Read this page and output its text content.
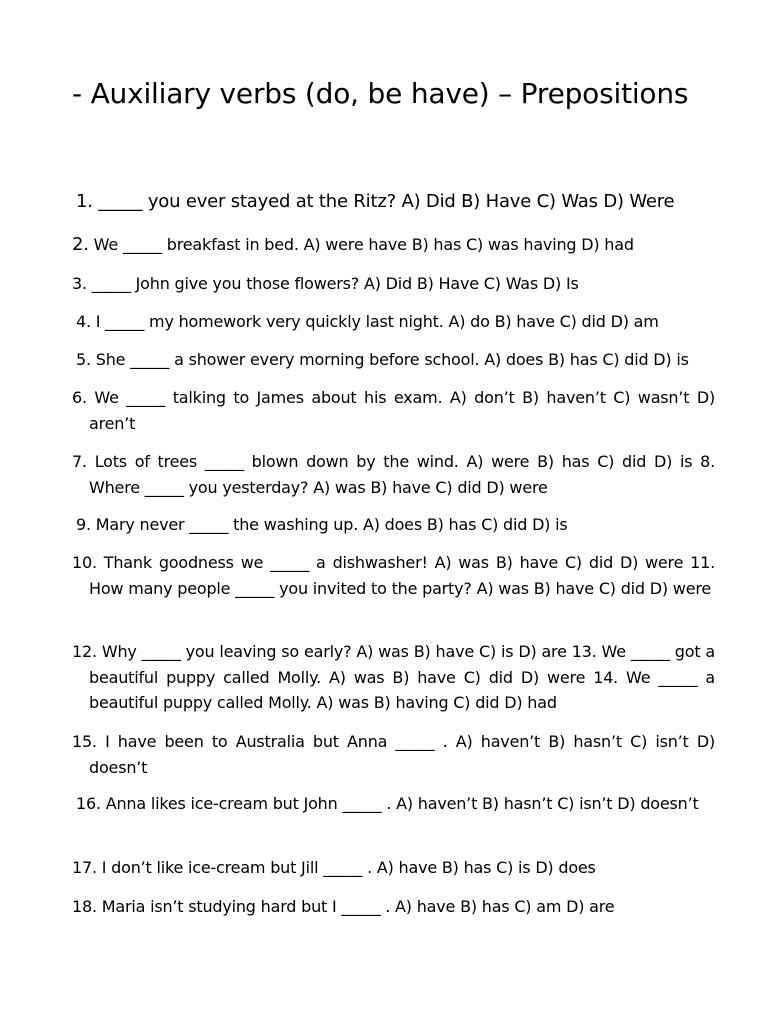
- Auxiliary verbs (do, be have) – Prepositions
1. _____ you ever stayed at the Ritz? A) Did B) Have C) Was D) Were
2. We _____ breakfast in bed. A) were have B) has C) was having D) had
3. _____ John give you those flowers? A) Did B) Have C) Was D) Is
4. I _____ my homework very quickly last night. A) do B) have C) did D) am
5. She _____ a shower every morning before school. A) does B) has C) did D) is
6. We _____ talking to James about his exam. A) don’t B) haven’t C) wasn’t D) aren’t
7. Lots of trees _____ blown down by the wind. A) were B) has C) did D) is 8. Where _____ you yesterday? A) was B) have C) did D) were
9. Mary never _____ the washing up. A) does B) has C) did D) is
10. Thank goodness we _____ a dishwasher! A) was B) have C) did D) were 11. How many people _____ you invited to the party? A) was B) have C) did D) were
12. Why _____ you leaving so early? A) was B) have C) is D) are 13. We _____ got a beautiful puppy called Molly. A) was B) have C) did D) were 14. We _____ a beautiful puppy called Molly. A) was B) having C) did D) had
15. I have been to Australia but Anna _____ . A) haven’t B) hasn’t C) isn’t D) doesn’t
16. Anna likes ice-cream but John _____ . A) haven’t B) hasn’t C) isn’t D) doesn’t
17. I don’t like ice-cream but Jill _____ . A) have B) has C) is D) does
18. Maria isn’t studying hard but I _____ . A) have B) has C) am D) are
